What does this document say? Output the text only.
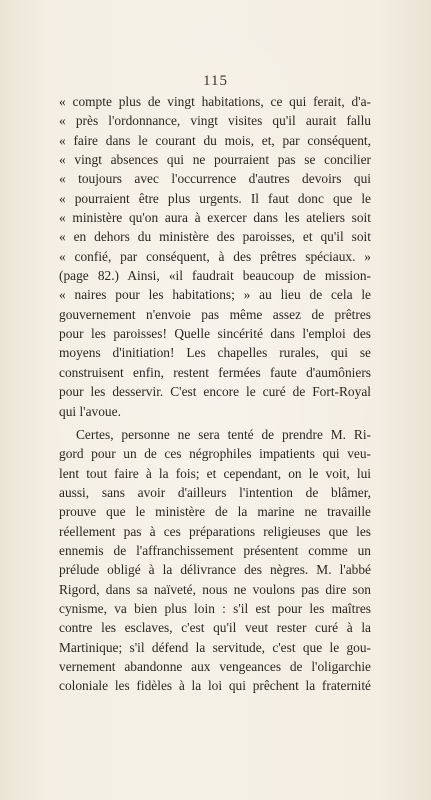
115
« compte plus de vingt habitations, ce qui ferait, d'a-
« près l'ordonnance, vingt visites qu'il aurait fallu
« faire dans le courant du mois, et, par conséquent,
« vingt absences qui ne pourraient pas se concilier
« toujours avec l'occurrence d'autres devoirs qui
« pourraient être plus urgents. Il faut donc que le
« ministère qu'on aura à exercer dans les ateliers soit
« en dehors du ministère des paroisses, et qu'il soit
« confié, par conséquent, à des prêtres spéciaux. »
(page 82.) Ainsi, «il faudrait beaucoup de mission-
« naires pour les habitations; » au lieu de cela le
gouvernement n'envoie pas même assez de prêtres
pour les paroisses! Quelle sincérité dans l'emploi des
moyens d'initiation! Les chapelles rurales, qui se
construisent enfin, restent fermées faute d'aumôniers
pour les desservir. C'est encore le curé de Fort-Royal
qui l'avoue.
Certes, personne ne sera tenté de prendre M. Ri-
gord pour un de ces négrophiles impatients qui veu-
lent tout faire à la fois; et cependant, on le voit, lui
aussi, sans avoir d'ailleurs l'intention de blâmer,
prouve que le ministère de la marine ne travaille
réellement pas à ces préparations religieuses que les
ennemis de l'affranchissement présentent comme un
prélude obligé à la délivrance des nègres. M. l'abbé
Rigord, dans sa naïveté, nous ne voulons pas dire son
cynisme, va bien plus loin : s'il est pour les maîtres
contre les esclaves, c'est qu'il veut rester curé à la
Martinique; s'il défend la servitude, c'est que le gou-
vernement abandonne aux vengeances de l'oligarchie
coloniale les fidèles à la loi qui prêchent la fraternité
